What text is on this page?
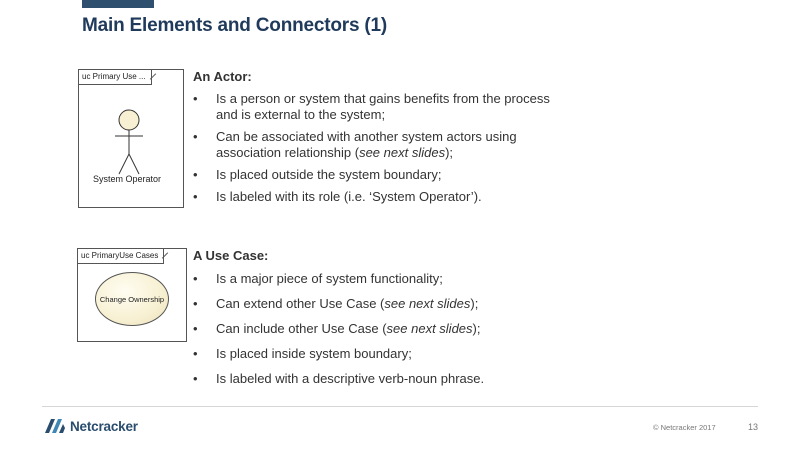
Main Elements and Connectors (1)
uc Primary Use ...
System Operator
An Actor:
• Is a person or system that gains benefits from the process and is external to the system;
• Can be associated with another system actors using association relationship (see next slides);
• Is placed outside the system boundary;
• Is labeled with its role (i.e. ‘System Operator’).
uc PrimaryUse Cases
Change Ownership
A Use Case:
• Is a major piece of system functionality;
• Can extend other Use Case (see next slides);
• Can include other Use Case (see next slides);
• Is placed inside system boundary;
• Is labeled with a descriptive verb-noun phrase.
Netcracker	© Netcracker 2017	13
